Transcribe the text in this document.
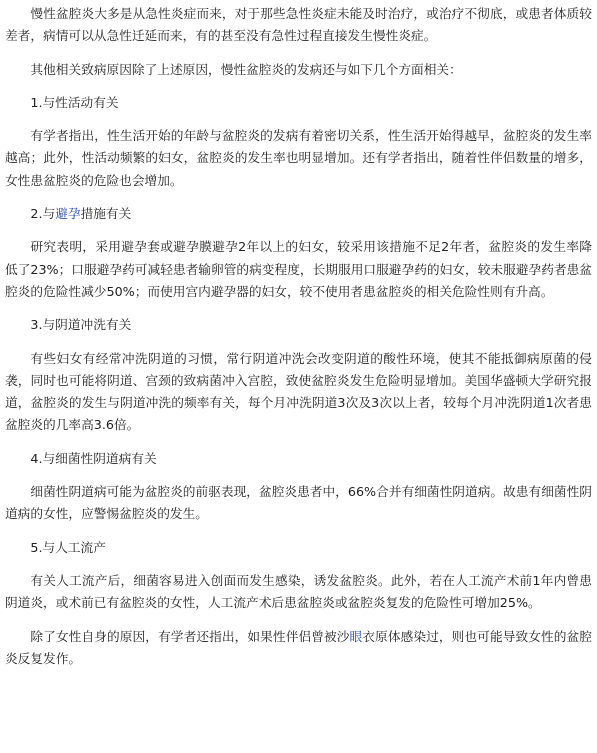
慢性盆腔炎大多是从急性炎症而来，对于那些急性炎症未能及时治疗，或治疗不彻底，或患者体质较差者，病情可以从急性迁延而来，有的甚至没有急性过程直接发生慢性炎症。

其他相关致病原因除了上述原因，慢性盆腔炎的发病还与如下几个方面相关：

1.与性活动有关

有学者指出，性生活开始的年龄与盆腔炎的发病有着密切关系，性生活开始得越早，盆腔炎的发生率越高；此外，性活动频繁的妇女，盆腔炎的发生率也明显增加。还有学者指出，随着性伴侣数量的增多，女性患盆腔炎的危险也会增加。

2.与避孕措施有关

研究表明，采用避孕套或避孕膜避孕2年以上的妇女，较采用该措施不足2年者，盆腔炎的发生率降低了23%；口服避孕药可减轻患者输卵管的病变程度，长期服用口服避孕药的妇女，较未服避孕药者患盆腔炎的危险性减少50%；而使用宫内避孕器的妇女，较不使用者患盆腔炎的相关危险性则有升高。

3.与阴道冲洗有关

有些妇女有经常冲洗阴道的习惯，常行阴道冲洗会改变阴道的酸性环境，使其不能抵御病原菌的侵袭，同时也可能将阴道、宫颈的致病菌冲入宫腔，致使盆腔炎发生危险明显增加。美国华盛顿大学研究报道，盆腔炎的发生与阴道冲洗的频率有关，每个月冲洗阴道3次及3次以上者，较每个月冲洗阴道1次者患盆腔炎的几率高3.6倍。

4.与细菌性阴道病有关

细菌性阴道病可能为盆腔炎的前驱表现，盆腔炎患者中，66%合并有细菌性阴道病。故患有细菌性阴道病的女性，应警惕盆腔炎的发生。

5.与人工流产

有关人工流产后，细菌容易进入创面而发生感染，诱发盆腔炎。此外，若在人工流产术前1年内曾患阴道炎，或术前已有盆腔炎的女性，人工流产术后患盆腔炎或盆腔炎复发的危险性可增加25%。

除了女性自身的原因，有学者还指出，如果性伴侣曾被沙眼衣原体感染过，则也可能导致女性的盆腔炎反复发作。
